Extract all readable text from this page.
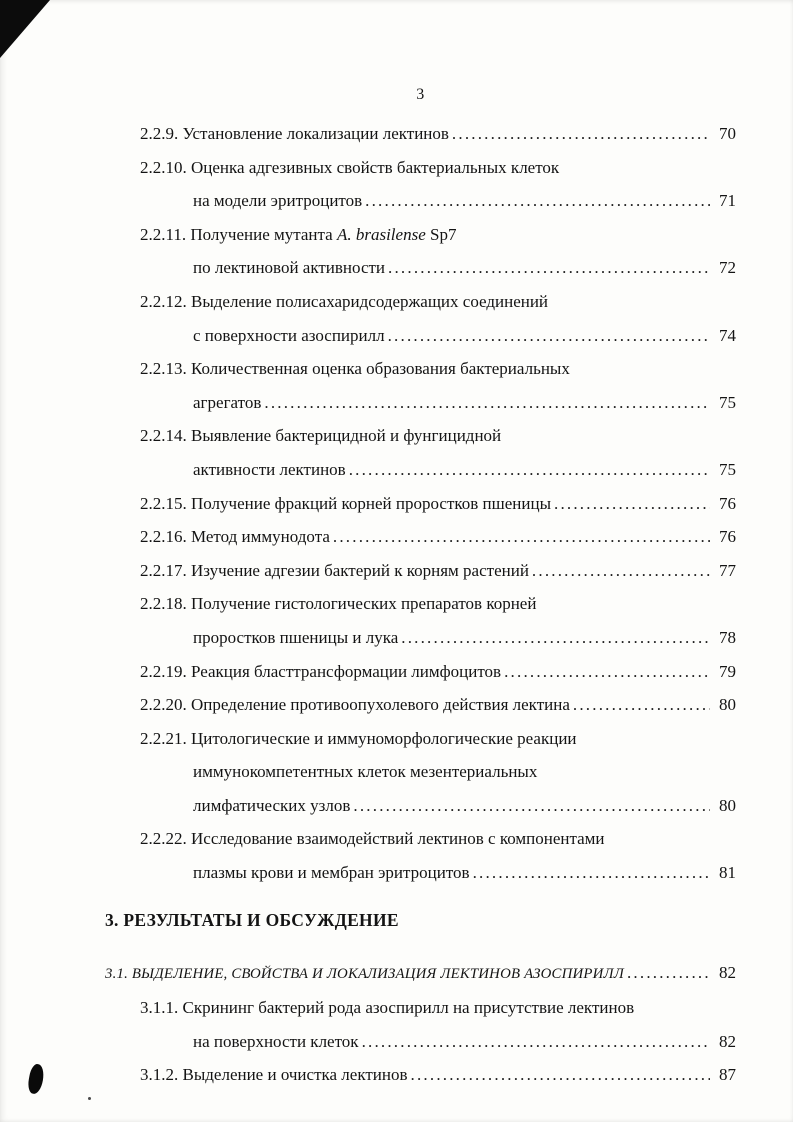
3
2.2.9. Установление локализации лектинов .....	70
2.2.10. Оценка адгезивных свойств бактериальных клеток
на модели эритроцитов .....	71
2.2.11. Получение мутанта A. brasilense Sp7
по лектиновой активности .....	72
2.2.12. Выделение полисахаридсодержащих соединений
с поверхности азоспирилл .....	74
2.2.13. Количественная оценка образования бактериальных
агрегатов .....	75
2.2.14. Выявление бактерицидной и фунгицидной
активности лектинов .....	75
2.2.15. Получение фракций корней проростков пшеницы .....	76
2.2.16. Метод иммунодота .....	76
2.2.17. Изучение адгезии бактерий к корням растений .....	77
2.2.18. Получение гистологических препаратов корней
проростков пшеницы и лука .....	78
2.2.19. Реакция бласттрансформации лимфоцитов .....	79
2.2.20. Определение противоопухолевого действия лектина .....	80
2.2.21. Цитологические и иммуноморфологические реакции
иммунокомпетентных клеток мезентериальных
лимфатических узлов .....	80
2.2.22. Исследование взаимодействий лектинов с компонентами
плазмы крови и мембран эритроцитов .....	81
3. РЕЗУЛЬТАТЫ И ОБСУЖДЕНИЕ
3.1. ВЫДЕЛЕНИЕ, СВОЙСТВА И ЛОКАЛИЗАЦИЯ ЛЕКТИНОВ АЗОСПИРИЛЛ .....	82
3.1.1. Скрининг бактерий рода азоспирилл на присутствие лектинов
на поверхности клеток .....	82
3.1.2. Выделение и очистка лектинов .....	87
